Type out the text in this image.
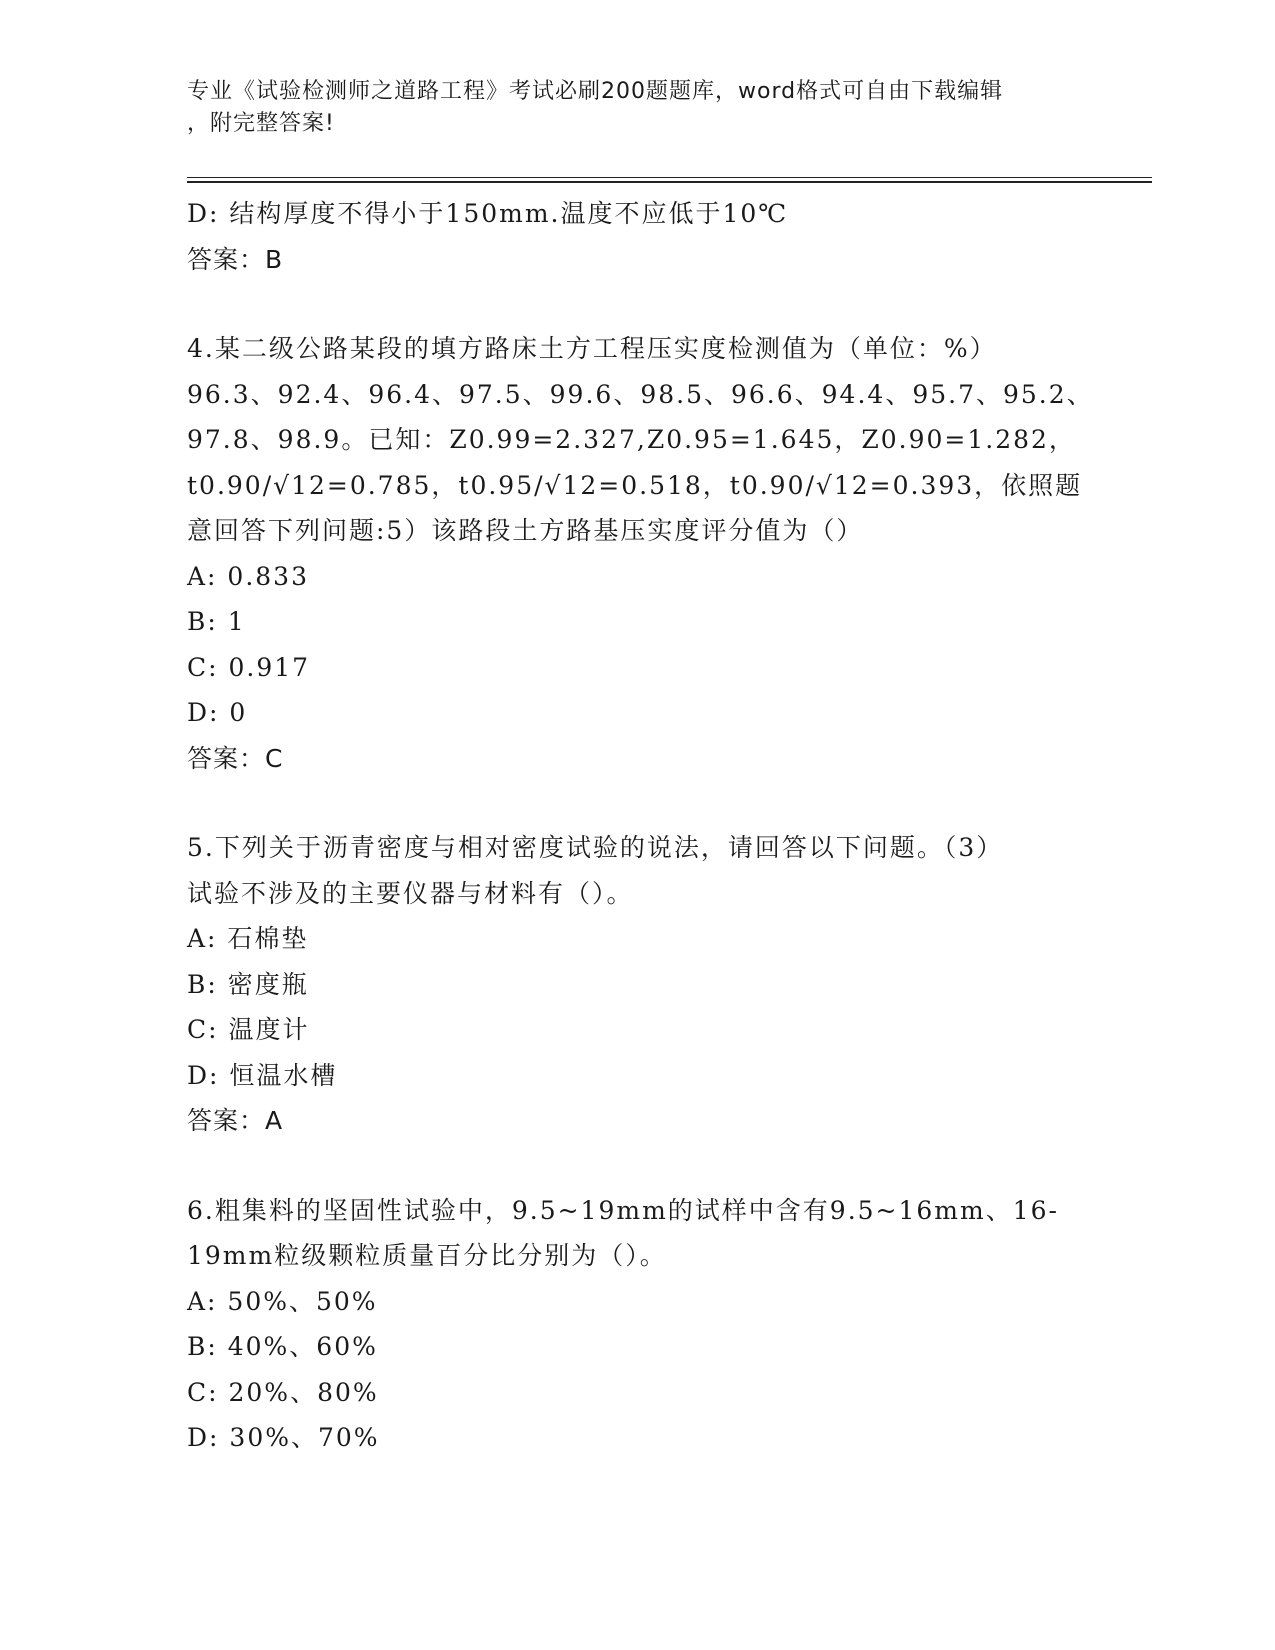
专业《试验检测师之道路工程》考试必刷200题题库，word格式可自由下载编辑
，附完整答案!
D: 结构厚度不得小于150mm.温度不应低于10℃
答案：B
4.某二级公路某段的填方路床土方工程压实度检测值为（单位：%）
96.3、92.4、96.4、97.5、99.6、98.5、96.6、94.4、95.7、95.2、
97.8、98.9。已知：Z0.99=2.327,Z0.95=1.645，Z0.90=1.282，
t0.90/√12=0.785，t0.95/√12=0.518，t0.90/√12=0.393，依照题
意回答下列问题:5）该路段土方路基压实度评分值为（）
A: 0.833
B: 1
C: 0.917
D: 0
答案：C
5.下列关于沥青密度与相对密度试验的说法，请回答以下问题。（3）
试验不涉及的主要仪器与材料有（）。
A: 石棉垫
B: 密度瓶
C: 温度计
D: 恒温水槽
答案：A
6.粗集料的坚固性试验中，9.5~19mm的试样中含有9.5~16mm、16-
19mm粒级颗粒质量百分比分别为（）。
A: 50%、50%
B: 40%、60%
C: 20%、80%
D: 30%、70%
